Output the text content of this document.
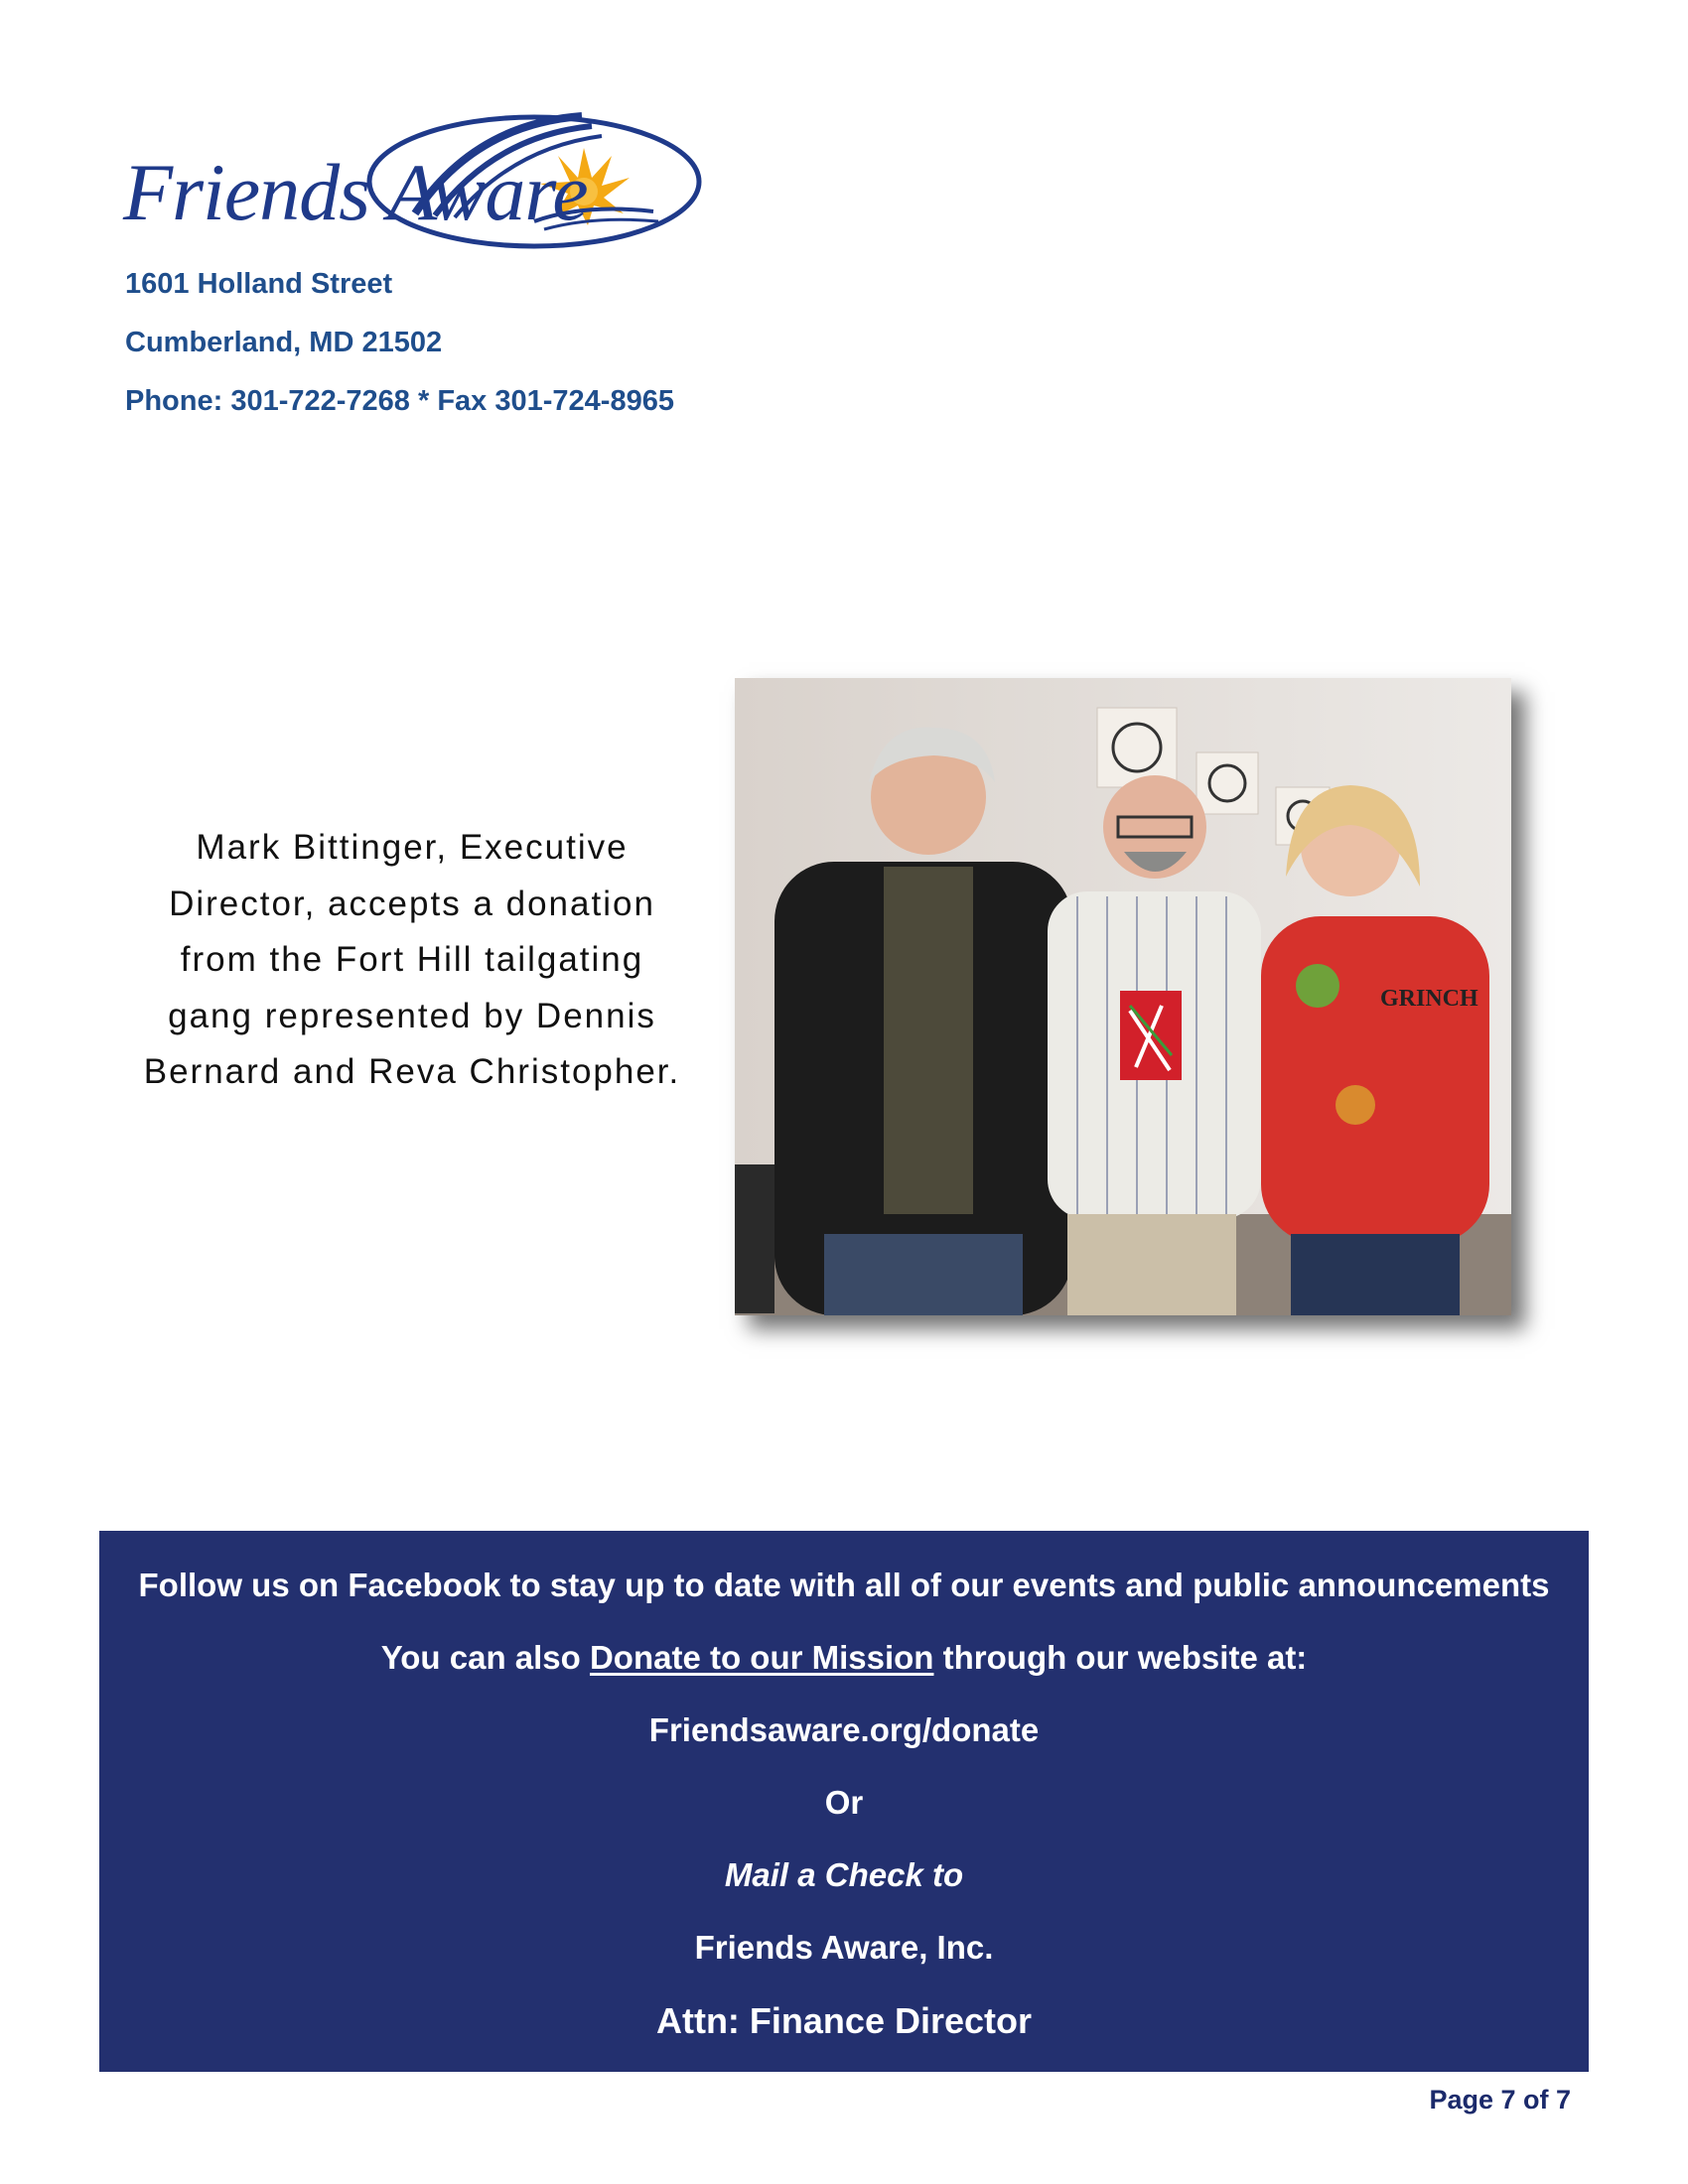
Friends Aware
1601 Holland Street
Cumberland, MD 21502
Phone: 301-722-7268 * Fax 301-724-8965
Mark Bittinger, Executive
Director, accepts a donation
from the Fort Hill tailgating
gang represented by Dennis
Bernard and Reva Christopher.
GRINCH
Follow us on Facebook to stay up to date with all of our events and public announcements
You can also Donate to our Mission through our website at:
Friendsaware.org/donate
Or
Mail a Check to
Friends Aware, Inc.
Attn: Finance Director
Page 7 of 7
